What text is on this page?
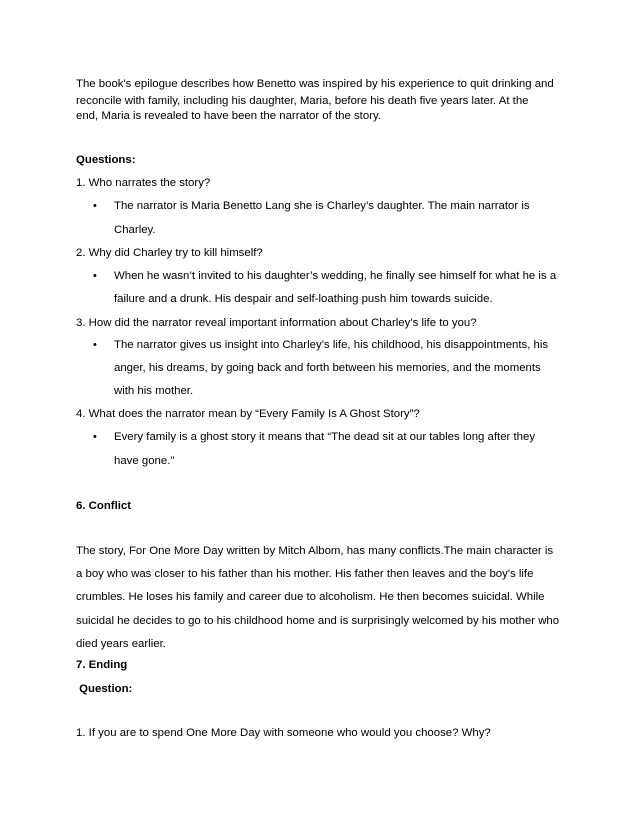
The book's epilogue describes how Benetto was inspired by his experience to quit drinking and
reconcile with family, including his daughter, Maria, before his death five years later. At the
end, Maria is revealed to have been the narrator of the story.
Questions:
1. Who narrates the story?
•	The narrator is Maria Benetto Lang she is Charley’s daughter. The main narrator is
Charley.
2. Why did Charley try to kill himself?
•	When he wasn’t invited to his daughter’s wedding, he finally see himself for what he is a
failure and a drunk. His despair and self-loathing push him towards suicide.
3. How did the narrator reveal important information about Charley’s life to you?
•	The narrator gives us insight into Charley’s life, his childhood, his disappointments, his
anger, his dreams, by going back and forth between his memories, and the moments
with his mother.
4. What does the narrator mean by “Every Family Is A Ghost Story”?
•	Every family is a ghost story it means that “The dead sit at our tables long after they
have gone."
6. Conflict
The story, For One More Day written by Mitch Albom, has many conflicts.The main character is
a boy who was closer to his father than his mother. His father then leaves and the boy's life
crumbles. He loses his family and career due to alcoholism. He then becomes suicidal. While
suicidal he decides to go to his childhood home and is surprisingly welcomed by his mother who
died years earlier.
7. Ending
Question:
1. If you are to spend One More Day with someone who would you choose? Why?
